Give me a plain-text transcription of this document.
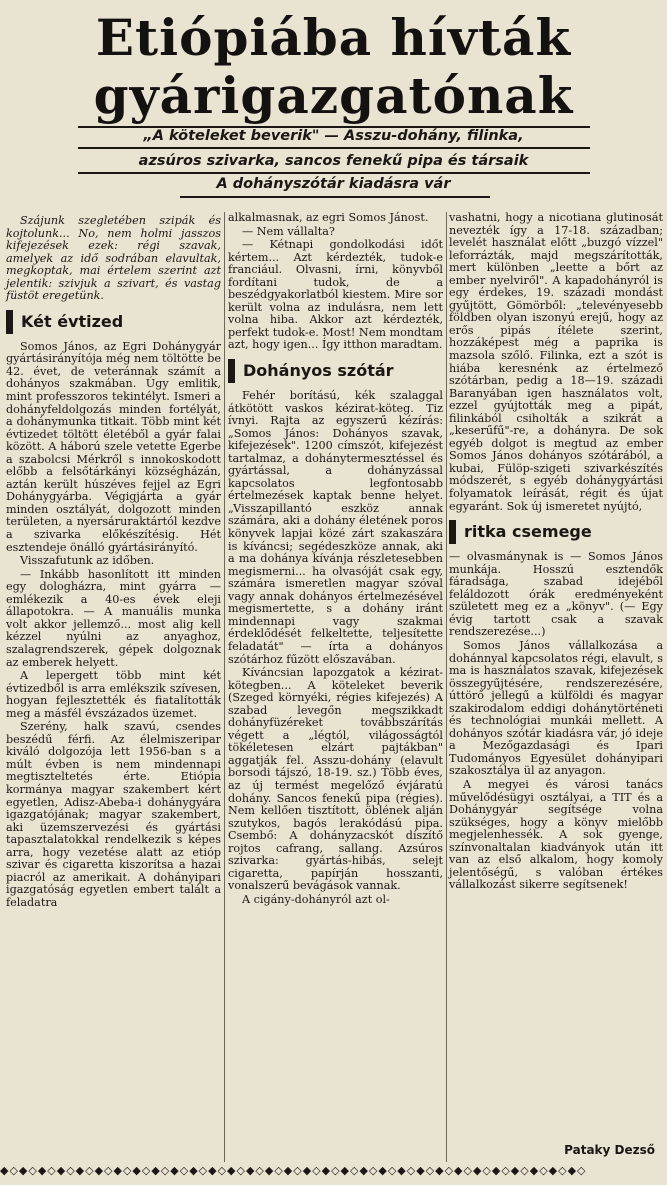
Etiópiába hívták
gyárigazgatónak
„A köteleket beverik" — Asszu-dohány, filinka,
azsúros szivarka, sancos fenekű pipa és társaik
A dohányszótár kiadásra vár

Szájunk szegletében szipák és kojtolunk... No, nem holmi jasszos kifejezések ezek: régi szavak, amelyek az idő sodrában elavultak, megkoptak, mai értelem szerint azt jelentik: szivjuk a szivart, és vastag füstöt eregetünk.

Két évtized

Somos János, az Egri Dohánygyár gyártásirányítója még nem töltötte be 42. évet, de veteránnak számít a dohányos szakmában. Úgy emlitik, mint professzoros tekintélyt. Ismeri a dohányfeldolgozás minden fortélyát, a dohánymunka titkait. Több mint két évtizedet töltött életéből a gyár falai között. A háború szele vetette Egerbe a szabolcsi Mérkről s innokoskodott előbb a felsőtárkányi községházán, aztán került húszéves fejjel az Egri Dohánygyárba. Végigjárta a gyár minden osztályát, dolgozott minden területen, a nyersáruraktártól kezdve a szivarka előkészítésig. Hét esztendeje önálló gyártásirányító.

Visszafutunk az időben.

— Inkább hasonlított itt minden egy dologházra, mint gyárra — emlékezik a 40-es évek eleji állapotokra. — A manuális munka volt akkor jellemző... most alig kell kézzel nyúlni az anyaghoz, szalagrendszerek, gépek dolgoznak az emberek helyett.

A lepergett több mint két évtizedből is arra emlékszik szívesen, hogyan fejlesztették és fiatalították meg a másfél évszázados üzemet.

Szerény, halk szavú, csendes beszédű férfi. Az élelmiszeripar kiváló dolgozója lett 1956-ban s a múlt évben is nem mindennapi megtiszteltetés érte. Etiópia kormánya magyar szakembert kért egyetlen, Adisz-Abeba-i dohánygyára igazgatójának; magyar szakembert, aki üzemszervezési és gyártási tapasztalatokkal rendelkezik s képes arra, hogy vezetése alatt az etióp szivar és cigaretta kiszorítsa a hazai piacról az amerikait. A dohányipari igazgatóság egyetlen embert talált a feladatra

alkalmasnak, az egri Somos Jánost.

— Nem vállalta?

— Kétnapi gondolkodási időt kértem... Azt kérdezték, tudok-e franciául. Olvasni, írni, könyvből fordítani tudok, de a beszédgyakorlatból kiestem. Mire sor került volna az indulásra, nem lett volna hiba. Akkor azt kérdezték, perfekt tudok-e. Most! Nem mondtam azt, hogy igen... Így itthon maradtam.

Dohányos szótár

Fehér borítású, kék szalaggal átkötött vaskos kézirat-köteg. Tiz ívnyi. Rajta az egyszerű kézírás: „Somos János: Dohányos szavak, kifejezések". 1200 címszót, kifejezést tartalmaz, a dohánytermesztéssel és gyártással, a dohányzással kapcsolatos legfontosabb értelmezések kaptak benne helyet. „Visszapillantó eszköz annak számára, aki a dohány életének poros könyvek lapjai közé zárt szakaszára is kíváncsi; segédeszköze annak, aki a ma dohánya kívánja részletesebben megismerni... ha olvasóját csak egy, számára ismeretlen magyar szóval vagy annak dohányos értelmezésével megismertette, s a dohány iránt mindennapi vagy szakmai érdeklődését felkeltette, teljesítette feladatát" — írta a dohányos szótárhoz fűzött előszavában.

Kíváncsian lapozgatok a kézirat-kötegben... A köteleket beverik (Szeged környéki, régies kifejezés) A szabad levegőn megszikkadt dohányfüzéreket továbbszárítás végett a „légtól, világosságtól tökéletesen elzárt pajtákban" aggatják fel. Asszu-dohány (elavult borsodi tájszó, 18-19. sz.) Több éves, az új termést megelőző évjáratú dohány. Sancos fenekű pipa (régies). Nem kellően tisztított, öblének alján szutykos, bagós lerakódású pipa. Csembő: A dohányzacskót díszítő rojtos cafrang, sallang. Azsúros szivarka: gyártás-hibás, selejt cigaretta, papírján hosszanti, vonalszerű bevágások vannak.

A cigány-dohányról azt ol-

vashatni, hogy a nicotiana glutinosát nevezték így a 17-18. században; levelét használat előtt „buzgó vízzel" leforrázták, majd megszárították, mert különben „leette a bőrt az ember nyelviről". A kapadohányról is egy érdekes, 19. századi mondást gyűjtött, Gömörből: „televényesebb földben olyan iszonyú erejű, hogy az erős pipás ítélete szerint, hozzáképest még a paprika is mazsola szőlő. Filinka, ezt a szót is hiába keresnénk az értelmező szótárban, pedig a 18—19. századi Baranyában igen használatos volt, ezzel gyújtották meg a pipát, filinkából csiholták a szikrát a „keserűfű"-re, a dohányra. De sok egyéb dolgot is megtud az ember Somos János dohányos szótárából, a kubai, Fülöp-szigeti szivarkészítés módszerét, s egyéb dohánygyártási folyamatok leírását, régit és újat egyaránt. Sok új ismeretet nyújtó,

ritka csemege

— olvasmánynak is — Somos János munkája. Hosszú esztendők fáradsága, szabad idejéből feláldozott órák eredményeként született meg ez a „könyv". (— Egy évig tartott csak a szavak rendszerezése...)

Somos János vállalkozása a dohánnyal kapcsolatos régi, elavult, s ma is használatos szavak, kifejezések összegyűjtésére, rendszerezésére, úttörő jellegű a külföldi és magyar szakirodalom eddigi dohánytörténeti és technológiai munkái mellett. A dohányos szótár kiadásra vár, jó ideje a Mezőgazdasági és Ipari Tudományos Egyesület dohányipari szakosztálya ül az anyagon.

A megyei és városi tanács művelődésügyi osztályai, a TIT és a Dohánygyár segítsége volna szükséges, hogy a könyv mielőbb megjelenhessék. A sok gyenge, színvonaltalan kiadványok után itt van az első alkalom, hogy komoly jelentőségű, s valóban értékes vállalkozást sikerre segítsenek!

Pataky Dezső
◆◇◆◇◆◇◆◇◆◇◆◇◆◇◆◇◆◇◆◇◆◇◆◇◆◇◆◇◆◇◆◇◆◇◆◇◆◇◆◇◆◇◆◇◆◇◆◇◆◇◆◇◆◇◆◇◆◇◆◇◆◇
